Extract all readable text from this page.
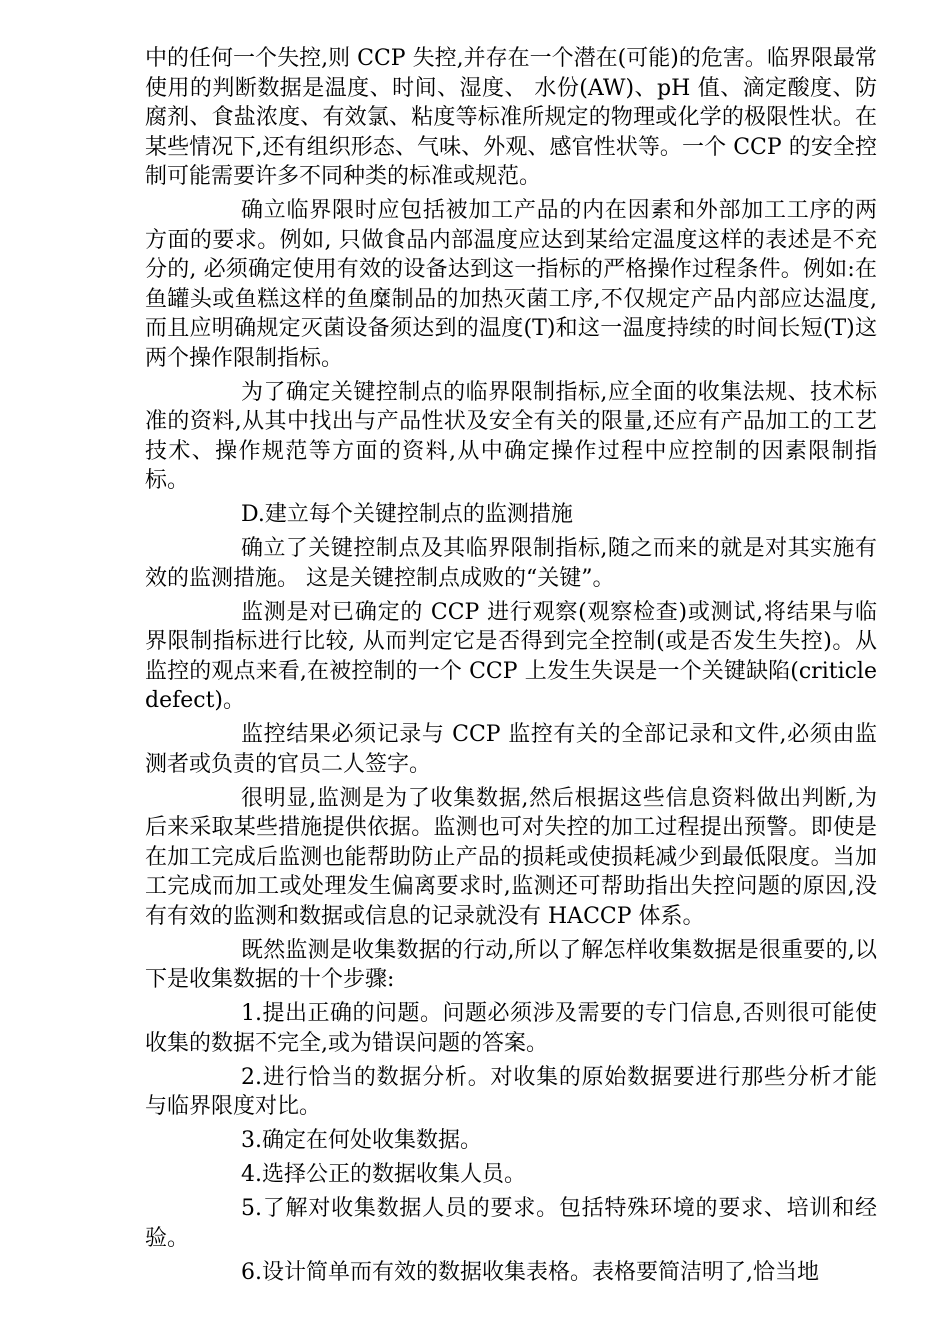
中的任何一个失控,则 CCP 失控,并存在一个潜在(可能)的危害。临界限最常使用的判断数据是温度、时间、湿度、 水份(AW)、pH 值、滴定酸度、防腐剂、食盐浓度、有效氯、粘度等标准所规定的物理或化学的极限性状。在某些情况下,还有组织形态、气味、外观、感官性状等。一个 CCP 的安全控制可能需要许多不同种类的标准或规范。

确立临界限时应包括被加工产品的内在因素和外部加工工序的两方面的要求。例如, 只做食品内部温度应达到某给定温度这样的表述是不充分的, 必须确定使用有效的设备达到这一指标的严格操作过程条件。例如:在鱼罐头或鱼糕这样的鱼糜制品的加热灭菌工序,不仅规定产品内部应达温度,而且应明确规定灭菌设备须达到的温度(T)和这一温度持续的时间长短(T)这两个操作限制指标。

为了确定关键控制点的临界限制指标,应全面的收集法规、技术标准的资料,从其中找出与产品性状及安全有关的限量,还应有产品加工的工艺技术、操作规范等方面的资料,从中确定操作过程中应控制的因素限制指标。

D.建立每个关键控制点的监测措施

确立了关键控制点及其临界限制指标,随之而来的就是对其实施有效的监测措施。 这是关键控制点成败的“关键”。

监测是对已确定的 CCP 进行观察(观察检查)或测试,将结果与临界限制指标进行比较, 从而判定它是否得到完全控制(或是否发生失控)。从监控的观点来看,在被控制的一个 CCP 上发生失误是一个关键缺陷(criticle defect)。

监控结果必须记录与 CCP 监控有关的全部记录和文件,必须由监测者或负责的官员二人签字。

很明显,监测是为了收集数据,然后根据这些信息资料做出判断,为后来采取某些措施提供依据。监测也可对失控的加工过程提出预警。即使是在加工完成后监测也能帮助防止产品的损耗或使损耗减少到最低限度。当加工完成而加工或处理发生偏离要求时,监测还可帮助指出失控问题的原因,没有有效的监测和数据或信息的记录就没有 HACCP 体系。

既然监测是收集数据的行动,所以了解怎样收集数据是很重要的,以下是收集数据的十个步骤:

1.提出正确的问题。问题必须涉及需要的专门信息,否则很可能使收集的数据不完全,或为错误问题的答案。

2.进行恰当的数据分析。对收集的原始数据要进行那些分析才能与临界限度对比。

3.确定在何处收集数据。

4.选择公正的数据收集人员。

5.了解对收集数据人员的要求。包括特殊环境的要求、培训和经验。

6.设计简单而有效的数据收集表格。表格要简洁明了,恰当地
